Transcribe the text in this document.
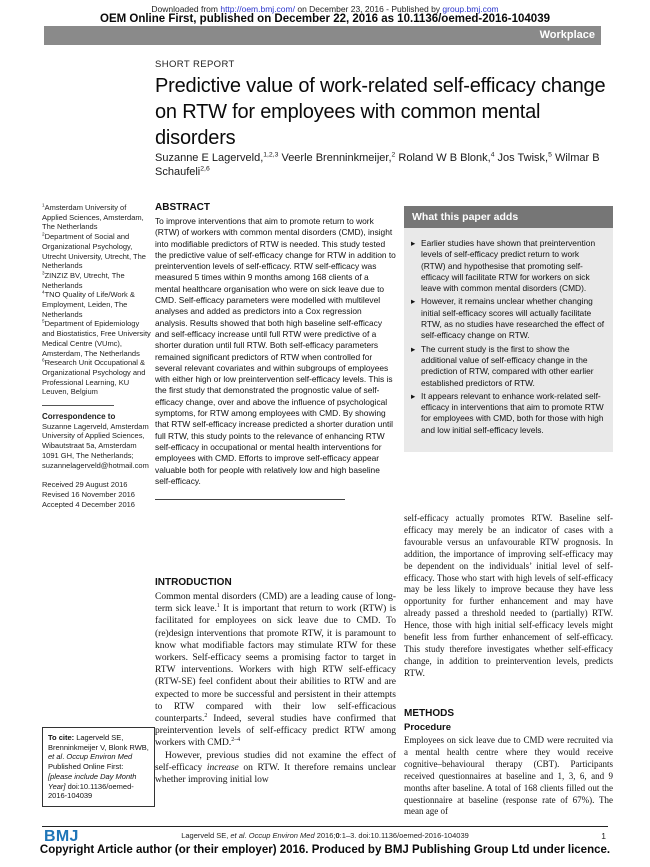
Downloaded from http://oem.bmj.com/ on December 23, 2016 - Published by group.bmj.com
OEM Online First, published on December 22, 2016 as 10.1136/oemed-2016-104039
Workplace
SHORT REPORT
Predictive value of work-related self-efficacy change on RTW for employees with common mental disorders
Suzanne E Lagerveld,$^{1,2,3}$ Veerle Brenninkmeijer,$^2$ Roland W B Blonk,$^4$ Jos Twisk,$^5$ Wilmar B Schaufeli$^{2,6}$
$^1$Amsterdam University of Applied Sciences, Amsterdam, The Netherlands
$^2$Department of Social and Organizational Psychology, Utrecht University, Utrecht, The Netherlands
$^3$ZINZIZ BV, Utrecht, The Netherlands
$^4$TNO Quality of Life/Work & Employment, Leiden, The Netherlands
$^5$Department of Epidemiology and Biostatistics, Free University Medical Centre (VUmc), Amsterdam, The Netherlands
$^6$Research Unit Occupational & Organizational Psychology and Professional Learning, KU Leuven, Belgium
Correspondence to
Suzanne Lagerveld, Amsterdam University of Applied Sciences, Wibautstraat 5a, Amsterdam 1091 GH, The Netherlands; suzannelagerveld@hotmail.com
Received 29 August 2016
Revised 16 November 2016
Accepted 4 December 2016
ABSTRACT
To improve interventions that aim to promote return to work (RTW) of workers with common mental disorders (CMD), insight into modifiable predictors of RTW is needed. This study tested the predictive value of self-efficacy change for RTW in addition to preintervention levels of self-efficacy. RTW self-efficacy was measured 5 times within 9 months among 168 clients of a mental healthcare organisation who were on sick leave due to CMD. Self-efficacy parameters were modelled with multilevel analyses and added as predictors into a Cox regression analysis. Results showed that both high baseline self-efficacy and self-efficacy increase until full RTW were predictive of a shorter duration until full RTW. Both self-efficacy parameters remained significant predictors of RTW when controlled for several relevant covariates and within subgroups of employees with either high or low preintervention self-efficacy levels. This is the first study that demonstrated the prognostic value of self-efficacy change, over and above the influence of psychological symptoms, for RTW among employees with CMD. By showing that RTW self-efficacy increase predicted a shorter duration until full RTW, this study points to the relevance of enhancing RTW self-efficacy in occupational or mental health interventions for employees with CMD. Efforts to improve self-efficacy appear valuable both for people with relatively low and high baseline self-efficacy.
What this paper adds
▸ Earlier studies have shown that preintervention levels of self-efficacy predict return to work (RTW) and hypothesise that promoting self-efficacy will facilitate RTW for workers on sick leave with common mental disorders (CMD).
▸ However, it remains unclear whether changing initial self-efficacy scores will actually facilitate RTW, as no studies have researched the effect of self-efficacy change on RTW.
▸ The current study is the first to show the additional value of self-efficacy change in the prediction of RTW, compared with other earlier established predictors of RTW.
▸ It appears relevant to enhance work-related self-efficacy in interventions that aim to promote RTW for employees with CMD, both for those with high and low initial self-efficacy levels.
INTRODUCTION

Common mental disorders (CMD) are a leading cause of long-term sick leave.$^1$ It is important that return to work (RTW) is facilitated for employees on sick leave due to CMD. To (re)design interventions that promote RTW, it is paramount to know what modifiable factors may stimulate RTW for these workers. Self-efficacy seems a promising factor to target in RTW interventions. Workers with high RTW self-efficacy (RTW-SE) feel confident about their abilities to RTW and are expected to more be successful and persistent in their attempts to RTW compared with their low self-efficacious counterparts.$^2$ Indeed, several studies have confirmed that preintervention levels of self-efficacy predict RTW among workers with CMD.$^{2-4}$

However, previous studies did not examine the effect of self-efficacy increase on RTW. It therefore remains unclear whether improving initial low

self-efficacy actually promotes RTW. Baseline self-efficacy may merely be an indicator of cases with a favourable versus an unfavourable RTW prognosis. In addition, the importance of improving self-efficacy may be dependent on the individuals’ initial level of self-efficacy. Those who start with high levels of self-efficacy may be less likely to improve because they have less opportunity for further enhancement and may have already passed a threshold needed to (partially) RTW. Hence, those with high initial self-efficacy levels might benefit less from further enhancement of self-efficacy. This study therefore investigates whether self-efficacy change, in addition to preintervention levels, predicts RTW.
METHODS
Procedure

Employees on sick leave due to CMD were recruited via a mental health centre where they would receive cognitive–behavioural therapy (CBT). Participants received questionnaires at baseline and 1, 3, 6, and 9 months after baseline. A total of 168 clients filled out the questionnaire at baseline (response rate of 67%). The mean age of

To cite: Lagerveld SE, Brenninkmeijer V, Blonk RWB, et al. Occup Environ Med Published Online First: [please include Day Month Year] doi:10.1136/oemed-2016-104039
BMJ	Lagerveld SE, et al. Occup Environ Med 2016;0:1–3. doi:10.1136/oemed-2016-104039	1
Copyright Article author (or their employer) 2016. Produced by BMJ Publishing Group Ltd under licence.
